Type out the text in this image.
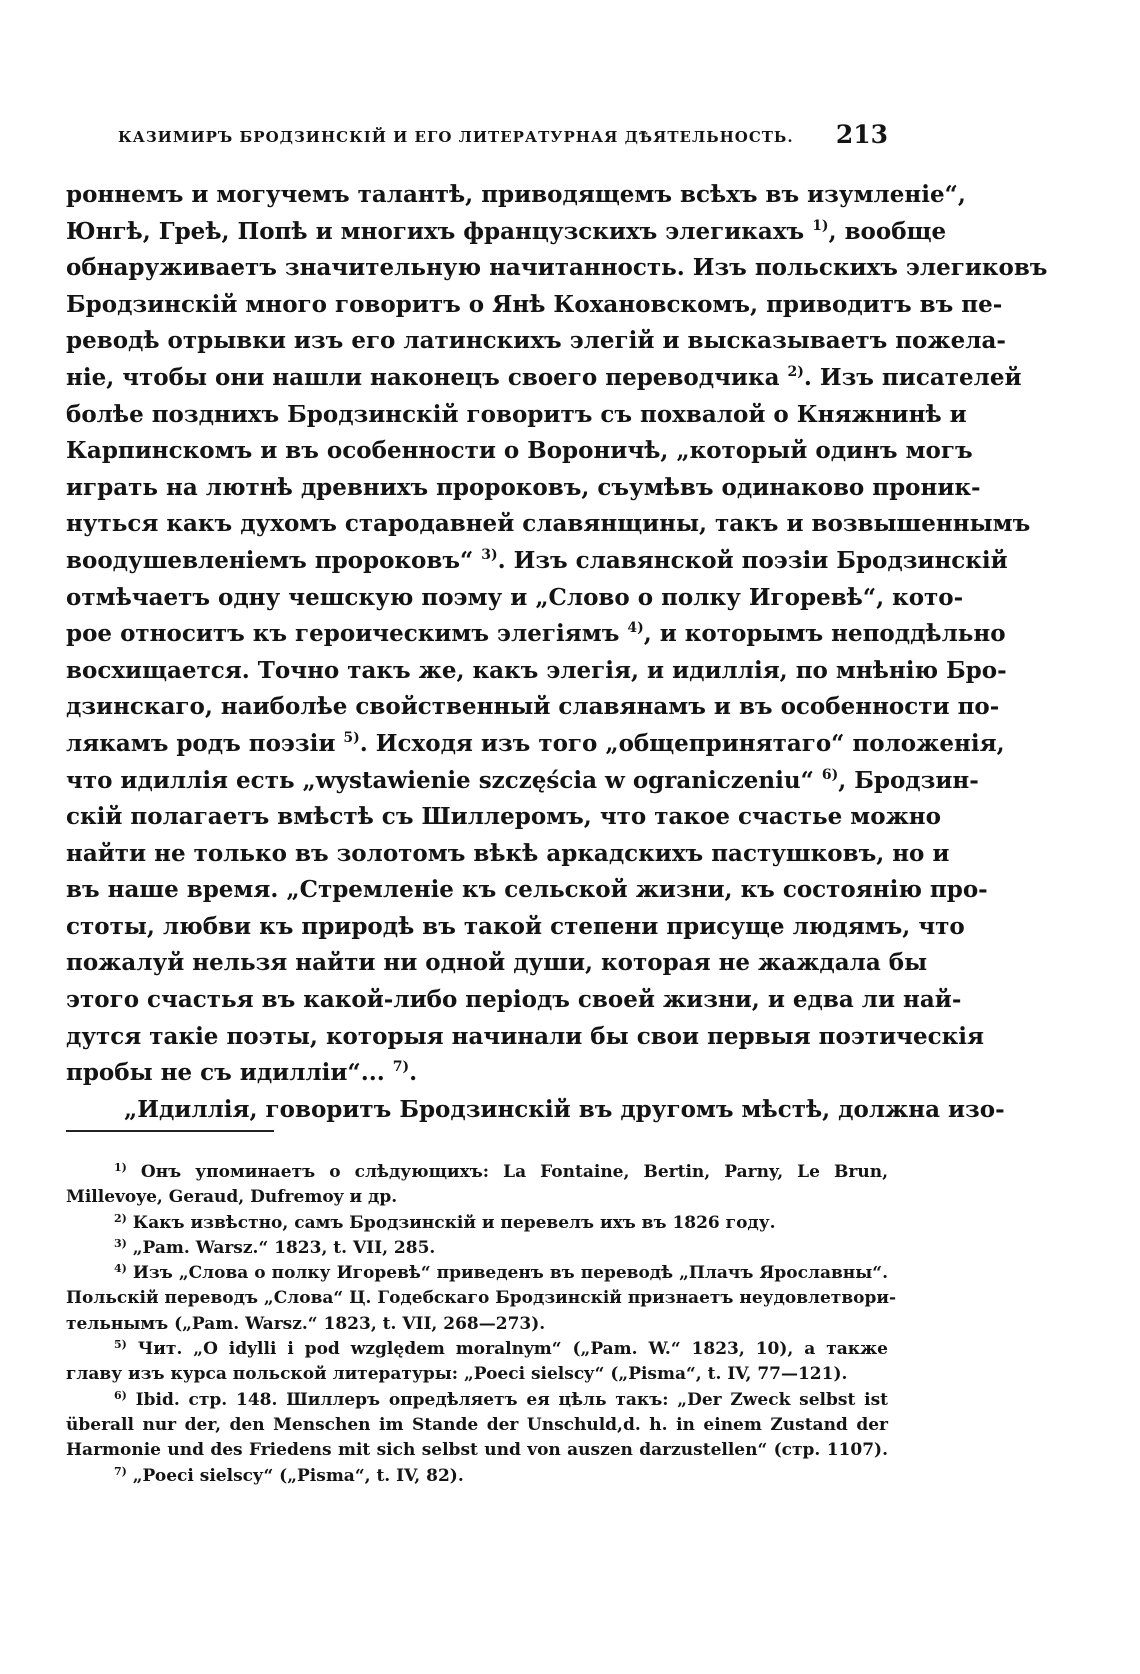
КАЗИМИРЪ БРОДЗИНСКІЙ И ЕГО ЛИТЕРАТУРНАЯ ДѢЯТЕЛЬНОСТЬ. 213
роннемъ и могучемъ талантѣ, приводящемъ всѣхъ въ изумленіе“,
Юнгѣ, Греѣ, Попѣ и многихъ французскихъ элегикахъ $^{1)}$, вообще
обнаруживаетъ значительную начитанность. Изъ польскихъ элегиковъ
Бродзинскій много говоритъ о Янѣ Кохановскомъ, приводитъ въ пе-
реводѣ отрывки изъ его латинскихъ элегій и высказываетъ пожела-
ніе, чтобы они нашли наконецъ своего переводчика $^{2)}$. Изъ писателей
болѣе позднихъ Бродзинскій говоритъ съ похвалой о Княжнинѣ и
Карпинскомъ и въ особенности о Вороничѣ, „который одинъ могъ
играть на лютнѣ древнихъ пророковъ, съумѣвъ одинаково проник-
нуться какъ духомъ стародавней славянщины, такъ и возвышеннымъ
воодушевленіемъ пророковъ“ $^{3)}$. Изъ славянской поэзіи Бродзинскій
отмѣчаетъ одну чешскую поэму и „Слово о полку Игоревѣ“, кото-
рое относитъ къ героическимъ элегіямъ $^{4)}$, и которымъ неподдѣльно
восхищается. Точно такъ же, какъ элегія, и идиллія, по мнѣнію Бро-
дзинскаго, наиболѣе свойственный славянамъ и въ особенности по-
лякамъ родъ поэзіи $^{5)}$. Исходя изъ того „общепринятаго“ положенія,
что идиллія есть „wystawienie szczęścia w ograniczeniu“ $^{6)}$, Бродзин-
скій полагаетъ вмѣстѣ съ Шиллеромъ, что такое счастье можно
найти не только въ золотомъ вѣкѣ аркадскихъ пастушковъ, но и
въ наше время. „Стремленіе къ сельской жизни, къ состоянію про-
стоты, любви къ природѣ въ такой степени присуще людямъ, что
пожалуй нельзя найти ни одной души, которая не жаждала бы
этого счастья въ какой-либо періодъ своей жизни, и едва ли най-
дутся такіе поэты, которыя начинали бы свои первыя поэтическія
пробы не съ идилліи“... $^{7)}$.
„Идиллія, говоритъ Бродзинскій въ другомъ мѣстѣ, должна изо-
$^{1)}$ Онъ упоминаетъ о слѣдующихъ: La Fontaine, Bertin, Parny, Le Brun,
Millevoye, Geraud, Dufremoy и др.
$^{2)}$ Какъ извѣстно, самъ Бродзинскій и перевелъ ихъ въ 1826 году.
$^{3)}$ „Pam. Warsz.“ 1823, t. VII, 285.
$^{4)}$ Изъ „Слова о полку Игоревѣ“ приведенъ въ переводѣ „Плачъ Ярославны“.
Польскій переводъ „Слова“ Ц. Годебскаго Бродзинскій признаетъ неудовлетвори-
тельнымъ („Pam. Warsz.“ 1823, t. VII, 268—273).
$^{5)}$ Чит. „O idylli i pod względem moralnym“ („Pam. W.“ 1823, 10), а также
главу изъ курса польской литературы: „Poeci sielscy“ („Pisma“, t. IV, 77—121).
$^{6)}$ Ibid. стр. 148. Шиллеръ опредѣляетъ ея цѣль такъ: „Der Zweck selbst ist
überall nur der, den Menschen im Stande der Unschuld,d. h. in einem Zustand der
Harmonie und des Friedens mit sich selbst und von auszen darzustellen“ (стр. 1107).
$^{7)}$ „Poeci sielscy“ („Pisma“, t. IV, 82).
